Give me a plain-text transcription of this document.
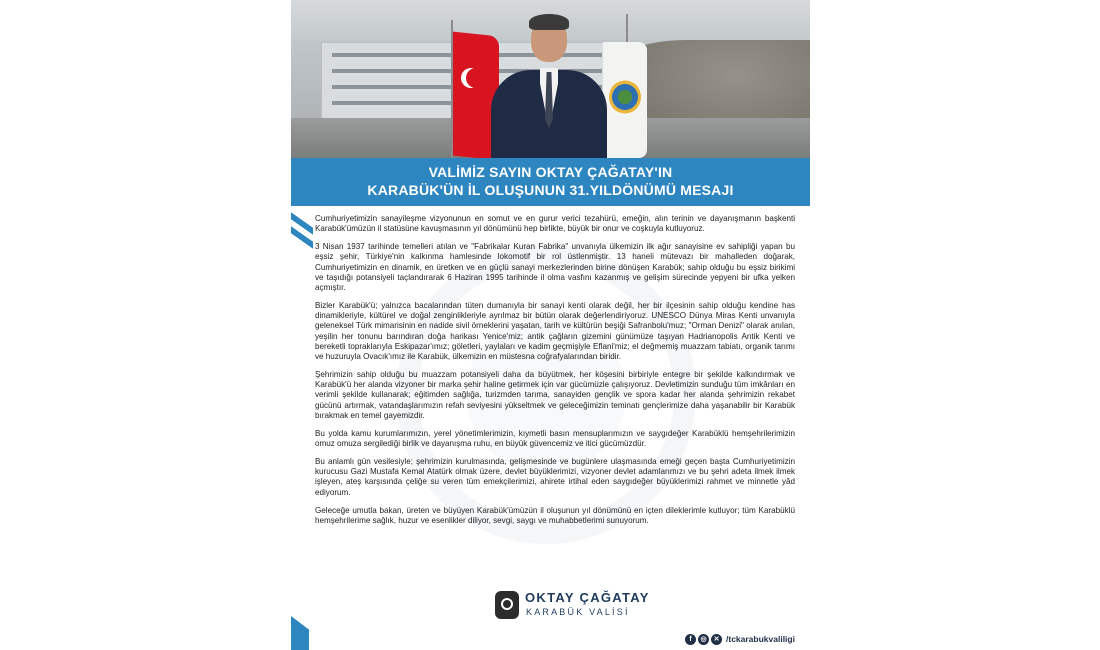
VALİMİZ SAYIN OKTAY ÇAĞATAY'IN
KARABÜK'ÜN İL OLUŞUNUN 31.YILDÖNÜMÜ MESAJI

Cumhuriyetimizin sanayileşme vizyonunun en somut ve en gurur verici tezahürü, emeğin, alın terinin ve dayanışmanın başkenti Karabük'ümüzün il statüsüne kavuşmasının yıl dönümünü hep birlikte, büyük bir onur ve coşkuyla kutluyoruz.

3 Nisan 1937 tarihinde temelleri atılan ve "Fabrikalar Kuran Fabrika" unvanıyla ülkemizin ilk ağır sanayisine ev sahipliği yapan bu eşsiz şehir, Türkiye'nin kalkınma hamlesinde lokomotif bir rol üstlenmiştir. 13 haneli mütevazı bir mahalleden doğarak, Cumhuriyetimizin en dinamik, en üretken ve en güçlü sanayi merkezlerinden birine dönüşen Karabük; sahip olduğu bu eşsiz birikimi ve taşıdığı potansiyeli taçlandırarak 6 Haziran 1995 tarihinde il olma vasfını kazanmış ve gelişim sürecinde yepyeni bir ufka yelken açmıştır.

Bizler Karabük'ü; yalnızca bacalarından tüten dumanıyla bir sanayi kenti olarak değil, her bir ilçesinin sahip olduğu kendine has dinamikleriyle, kültürel ve doğal zenginlikleriyle ayrılmaz bir bütün olarak değerlendiriyoruz. UNESCO Dünya Miras Kenti unvanıyla geleneksel Türk mimarisinin en nadide sivil örneklerini yaşatan, tarih ve kültürün beşiği Safranbolu'muz; "Orman Denizi" olarak anılan, yeşilin her tonunu barındıran doğa harikası Yenice'miz; antik çağların gizemini günümüze taşıyan Hadrianopolis Antik Kenti ve bereketli topraklarıyla Eskipazar'ımız; göletleri, yaylaları ve kadim geçmişiyle Eflani'miz; el değmemiş muazzam tabiatı, organik tarımı ve huzuruyla Ovacık'ımız ile Karabük, ülkemizin en müstesna coğrafyalarından biridir.

Şehrimizin sahip olduğu bu muazzam potansiyeli daha da büyütmek, her köşesini birbiriyle entegre bir şekilde kalkındırmak ve Karabük'ü her alanda vizyoner bir marka şehir haline getirmek için var gücümüzle çalışıyoruz. Devletimizin sunduğu tüm imkânları en verimli şekilde kullanarak; eğitimden sağlığa, turizmden tarıma, sanayiden gençlik ve spora kadar her alanda şehrimizin rekabet gücünü artırmak, vatandaşlarımızın refah seviyesini yükseltmek ve geleceğimizin teminatı gençlerimize daha yaşanabilir bir Karabük bırakmak en temel gayemizdir.

Bu yolda kamu kurumlarımızın, yerel yönetimlerimizin, kıymetli basın mensuplarımızın ve saygıdeğer Karabüklü hemşehrilerimizin omuz omuza sergilediği birlik ve dayanışma ruhu, en büyük güvencemiz ve itici gücümüzdür.

Bu anlamlı gün vesilesiyle; şehrimizin kurulmasında, gelişmesinde ve bugünlere ulaşmasında emeği geçen başta Cumhuriyetimizin kurucusu Gazi Mustafa Kemal Atatürk olmak üzere, devlet büyüklerimizi, vizyoner devlet adamlarımızı ve bu şehri adeta ilmek ilmek işleyen, ateş karşısında çeliğe su veren tüm emekçilerimizi, ahirete irtihal eden saygıdeğer büyüklerimizi rahmet ve minnetle yâd ediyorum.

Geleceğe umutla bakan, üreten ve büyüyen Karabük'ümüzün il oluşunun yıl dönümünü en içten dileklerimle kutluyor; tüm Karabüklü hemşehrilerime sağlık, huzur ve esenlikler diliyor, sevgi, saygı ve muhabbetlerimi sunuyorum.

OKTAY ÇAĞATAY
KARABÜK VALİSİ
f	◎	✕ /tckarabukvaliligi
